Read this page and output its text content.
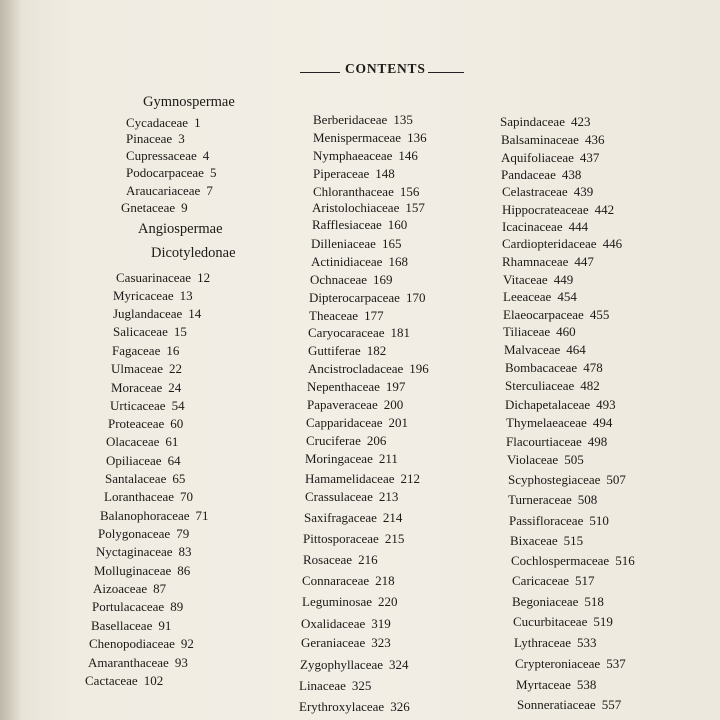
CONTENTS
Gymnospermae
Cycadaceae 1
Pinaceae 3
Cupressaceae 4
Podocarpaceae 5
Araucariaceae 7
Gnetaceae 9
Angiospermae
Dicotyledonae
Casuarinaceae 12
Myricaceae 13
Juglandaceae 14
Salicaceae 15
Fagaceae 16
Ulmaceae 22
Moraceae 24
Urticaceae 54
Proteaceae 60
Olacaceae 61
Opiliaceae 64
Santalaceae 65
Loranthaceae 70
Balanophoraceae 71
Polygonaceae 79
Nyctaginaceae 83
Molluginaceae 86
Aizoaceae 87
Portulacaceae 89
Basellaceae 91
Chenopodiaceae 92
Amaranthaceae 93
Cactaceae 102
Berberidaceae 135
Menispermaceae 136
Nymphaeaceae 146
Piperaceae 148
Chloranthaceae 156
Aristolochiaceae 157
Rafflesiaceae 160
Dilleniaceae 165
Actinidiaceae 168
Ochnaceae 169
Dipterocarpaceae 170
Theaceae 177
Caryocaraceae 181
Guttiferae 182
Ancistrocladaceae 196
Nepenthaceae 197
Papaveraceae 200
Capparidaceae 201
Cruciferae 206
Moringaceae 211
Hamamelidaceae 212
Crassulaceae 213
Saxifragaceae 214
Pittosporaceae 215
Rosaceae 216
Connaraceae 218
Leguminosae 220
Oxalidaceae 319
Geraniaceae 323
Zygophyllaceae 324
Linaceae 325
Erythroxylaceae 326
Sapindaceae 423
Balsaminaceae 436
Aquifoliaceae 437
Pandaceae 438
Celastraceae 439
Hippocrateaceae 442
Icacinaceae 444
Cardiopteridaceae 446
Rhamnaceae 447
Vitaceae 449
Leeaceae 454
Elaeocarpaceae 455
Tiliaceae 460
Malvaceae 464
Bombacaceae 478
Sterculiaceae 482
Dichapetalaceae 493
Thymelaeaceae 494
Flacourtiaceae 498
Violaceae 505
Scyphostegiaceae 507
Turneraceae 508
Passifloraceae 510
Bixaceae 515
Cochlospermaceae 516
Caricaceae 517
Begoniaceae 518
Cucurbitaceae 519
Lythraceae 533
Crypteroniaceae 537
Myrtaceae 538
Sonneratiaceae 557
